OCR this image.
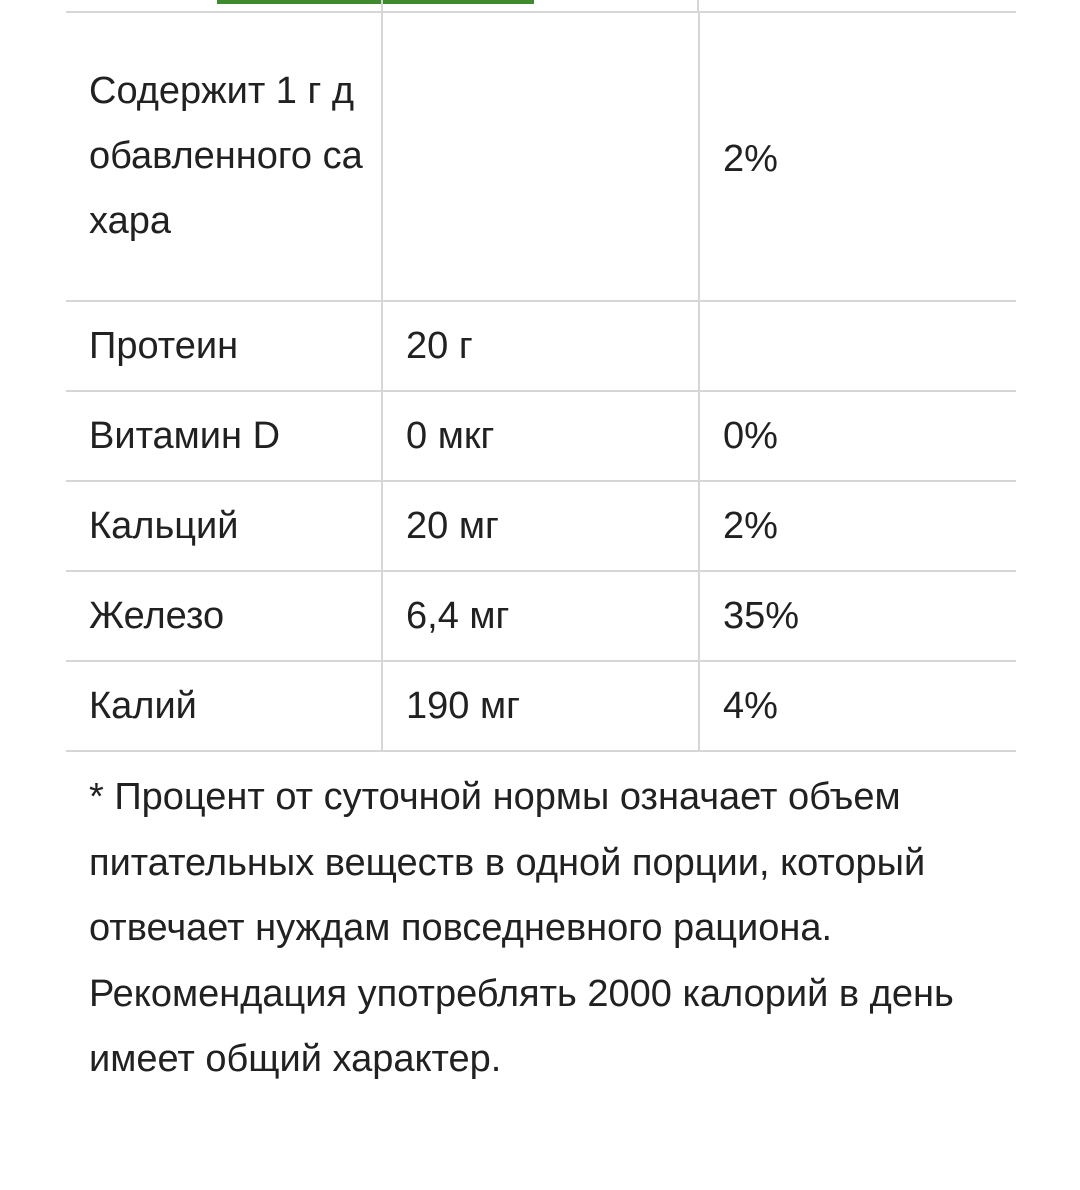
Содержит 1 г добавленного сахара		2%
Протеин	20 г	
Витамин D	0 мкг	0%
Кальций	20 мг	2%
Железо	6,4 мг	35%
Калий	190 мг	4%

* Процент от суточной нормы означает объем питательных веществ в одной порции, который отвечает нуждам повседневного рациона. Рекомендация употреблять 2000 калорий в день имеет общий характер.
